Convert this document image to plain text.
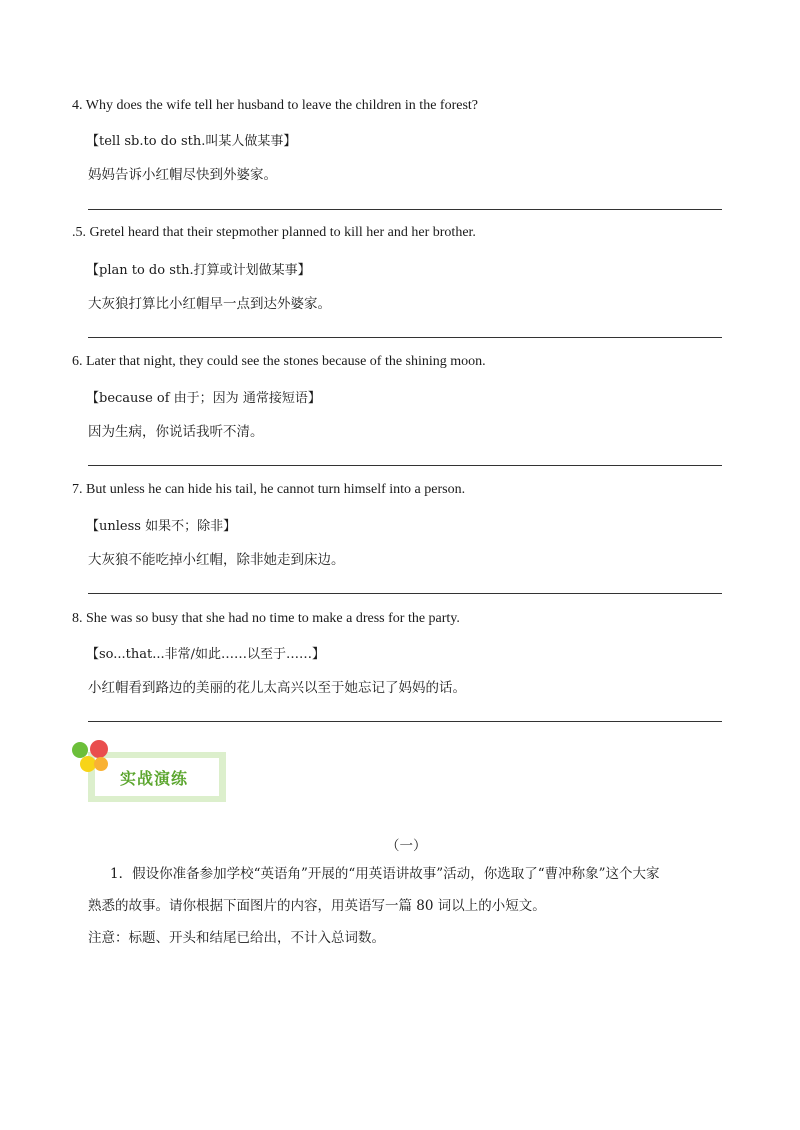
4. Why does the wife tell her husband to leave the children in the forest?
【tell sb.to do sth.叫某人做某事】
妈妈告诉小红帽尽快到外婆家。
.5. Gretel heard that their stepmother planned to kill her and her brother.
【plan to do sth.打算或计划做某事】
大灰狼打算比小红帽早一点到达外婆家。
6. Later that night, they could see the stones because of the shining moon.
【because of 由于；因为 通常接短语】
因为生病，你说话我听不清。
7. But unless he can hide his tail, he cannot turn himself into a person.
【unless 如果不；除非】
大灰狼不能吃掉小红帽，除非她走到床边。
8. She was so busy that she had no time to make a dress for the party.
【so...that...非常/如此……以至于……】
小红帽看到路边的美丽的花儿太高兴以至于她忘记了妈妈的话。
实战演练
（一）
1．假设你准备参加学校“英语角”开展的“用英语讲故事”活动，你选取了“曹冲称象”这个大家
熟悉的故事。请你根据下面图片的内容，用英语写一篇 80 词以上的小短文。
注意：标题、开头和结尾已给出，不计入总词数。
